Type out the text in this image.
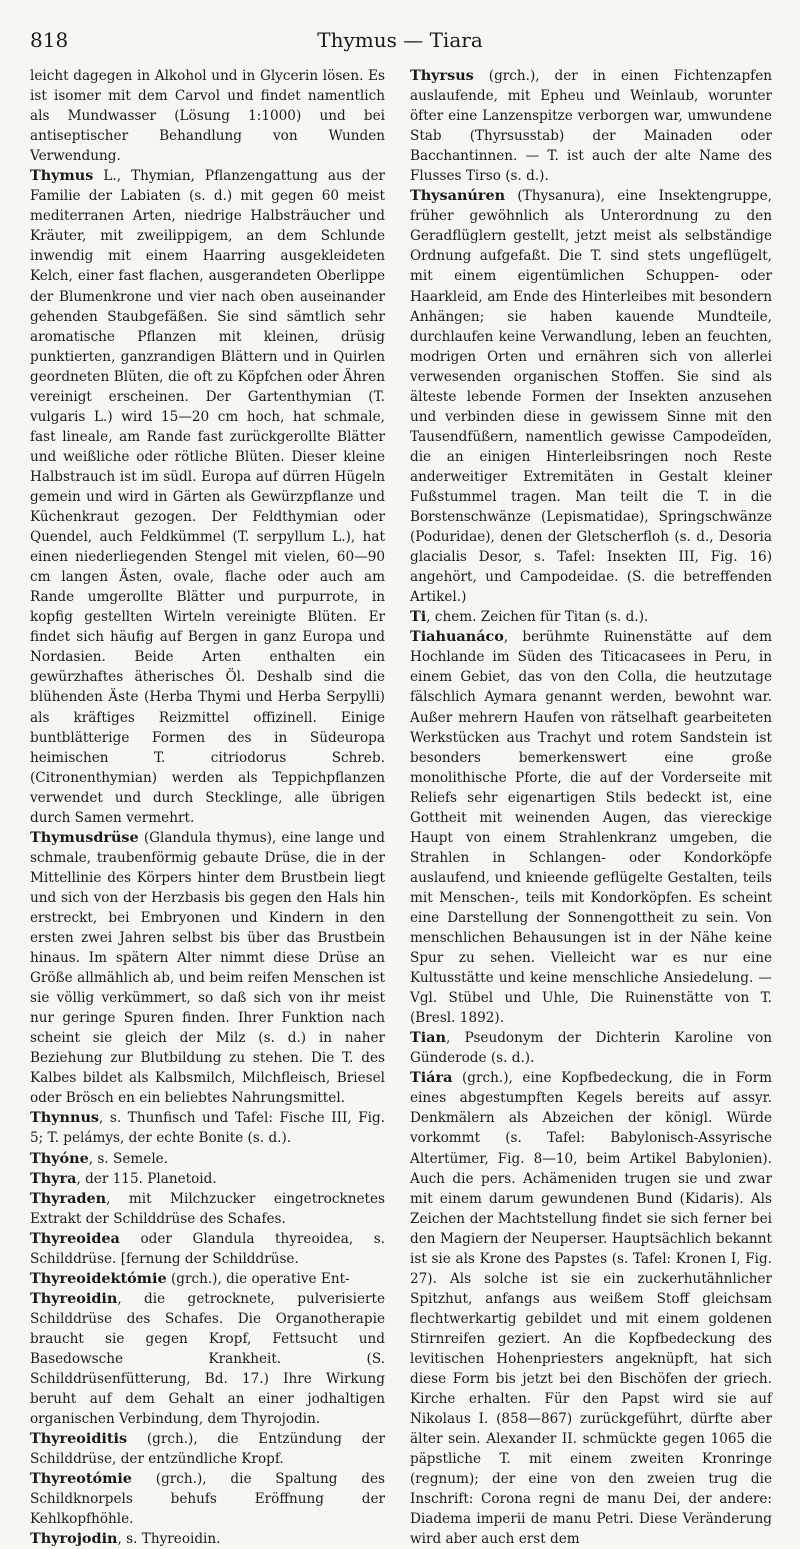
818	Thymus — Tiara

leicht dagegen in Alkohol und in Glycerin lösen. Es ist isomer mit dem Carvol und findet namentlich als Mundwasser (Lösung 1:1000) und bei antiseptischer Behandlung von Wunden Verwendung.

Thymus L., Thymian, Pflanzengattung aus der Familie der Labiaten (s. d.) mit gegen 60 meist mediterranen Arten, niedrige Halbsträucher und Kräuter, mit zweilippigem, an dem Schlunde inwendig mit einem Haarring ausgekleideten Kelch, einer fast flachen, ausgerandeten Oberlippe der Blumenkrone und vier nach oben auseinander gehenden Staubgefäßen. Sie sind sämtlich sehr aromatische Pflanzen mit kleinen, drüsig punktierten, ganzrandigen Blättern und in Quirlen geordneten Blüten, die oft zu Köpfchen oder Ähren vereinigt erscheinen. Der Gartenthymian (T. vulgaris L.) wird 15—20 cm hoch, hat schmale, fast lineale, am Rande fast zurückgerollte Blätter und weißliche oder rötliche Blüten. Dieser kleine Halbstrauch ist im südl. Europa auf dürren Hügeln gemein und wird in Gärten als Gewürzpflanze und Küchenkraut gezogen. Der Feldthymian oder Quendel, auch Feldkümmel (T. serpyllum L.), hat einen niederliegenden Stengel mit vielen, 60—90 cm langen Ästen, ovale, flache oder auch am Rande umgerollte Blätter und purpurrote, in kopfig gestellten Wirteln vereinigte Blüten. Er findet sich häufig auf Bergen in ganz Europa und Nordasien. Beide Arten enthalten ein gewürzhaftes ätherisches Öl. Deshalb sind die blühenden Äste (Herba Thymi und Herba Serpylli) als kräftiges Reizmittel offizinell. Einige buntblätterige Formen des in Südeuropa heimischen T. citriodorus Schreb. (Citronenthymian) werden als Teppichpflanzen verwendet und durch Stecklinge, alle übrigen durch Samen vermehrt.

Thymusdrüse (Glandula thymus), eine lange und schmale, traubenförmig gebaute Drüse, die in der Mittellinie des Körpers hinter dem Brustbein liegt und sich von der Herzbasis bis gegen den Hals hin erstreckt, bei Embryonen und Kindern in den ersten zwei Jahren selbst bis über das Brustbein hinaus. Im spätern Alter nimmt diese Drüse an Größe allmählich ab, und beim reifen Menschen ist sie völlig verkümmert, so daß sich von ihr meist nur geringe Spuren finden. Ihrer Funktion nach scheint sie gleich der Milz (s. d.) in naher Beziehung zur Blutbildung zu stehen. Die T. des Kalbes bildet als Kalbsmilch, Milchfleisch, Briesel oder Brösch en ein beliebtes Nahrungsmittel.

Thynnus, s. Thunfisch und Tafel: Fische III, Fig. 5; T. pelámys, der echte Bonite (s. d.).

Thyóne, s. Semele.

Thyra, der 115. Planetoid.

Thyraden, mit Milchzucker eingetrocknetes Extrakt der Schilddrüse des Schafes.

Thyreoidea oder Glandula thyreoidea, s. Schilddrüse. [fernung der Schilddrüse.

Thyreoidektómie (grch.), die operative Ent-

Thyreoidin, die getrocknete, pulverisierte Schilddrüse des Schafes. Die Organotherapie braucht sie gegen Kropf, Fettsucht und Basedowsche Krankheit. (S. Schilddrüsenfütterung, Bd. 17.) Ihre Wirkung beruht auf dem Gehalt an einer jodhaltigen organischen Verbindung, dem Thyrojodin.

Thyreoiditis (grch.), die Entzündung der Schilddrüse, der entzündliche Kropf.

Thyreotómie (grch.), die Spaltung des Schildknorpels behufs Eröffnung der Kehlkopfhöhle.

Thyrojodin, s. Thyreoidin.

Thyrsus (grch.), der in einen Fichtenzapfen auslaufende, mit Epheu und Weinlaub, worunter öfter eine Lanzenspitze verborgen war, umwundene Stab (Thyrsusstab) der Mainaden oder Bacchantinnen. — T. ist auch der alte Name des Flusses Tirso (s. d.).

Thysanúren (Thysanura), eine Insektengruppe, früher gewöhnlich als Unterordnung zu den Geradflüglern gestellt, jetzt meist als selbständige Ordnung aufgefaßt. Die T. sind stets ungeflügelt, mit einem eigentümlichen Schuppen- oder Haarkleid, am Ende des Hinterleibes mit besondern Anhängen; sie haben kauende Mundteile, durchlaufen keine Verwandlung, leben an feuchten, modrigen Orten und ernähren sich von allerlei verwesenden organischen Stoffen. Sie sind als älteste lebende Formen der Insekten anzusehen und verbinden diese in gewissem Sinne mit den Tausendfüßern, namentlich gewisse Campodeïden, die an einigen Hinterleibsringen noch Reste anderweitiger Extremitäten in Gestalt kleiner Fußstummel tragen. Man teilt die T. in die Borstenschwänze (Lepismatidae), Springschwänze (Poduridae), denen der Gletscherfloh (s. d., Desoria glacialis Desor, s. Tafel: Insekten III, Fig. 16) angehört, und Campodeidae. (S. die betreffenden Artikel.)

Ti, chem. Zeichen für Titan (s. d.).

Tiahuanáco, berühmte Ruinenstätte auf dem Hochlande im Süden des Titicacasees in Peru, in einem Gebiet, das von den Colla, die heutzutage fälschlich Aymara genannt werden, bewohnt war. Außer mehrern Haufen von rätselhaft gearbeiteten Werkstücken aus Trachyt und rotem Sandstein ist besonders bemerkenswert eine große monolithische Pforte, die auf der Vorderseite mit Reliefs sehr eigenartigen Stils bedeckt ist, eine Gottheit mit weinenden Augen, das viereckige Haupt von einem Strahlenkranz umgeben, die Strahlen in Schlangen- oder Kondorköpfe auslaufend, und knieende geflügelte Gestalten, teils mit Menschen-, teils mit Kondorköpfen. Es scheint eine Darstellung der Sonnengottheit zu sein. Von menschlichen Behausungen ist in der Nähe keine Spur zu sehen. Vielleicht war es nur eine Kultusstätte und keine menschliche Ansiedelung. — Vgl. Stübel und Uhle, Die Ruinenstätte von T. (Bresl. 1892).

Tian, Pseudonym der Dichterin Karoline von Günderode (s. d.).

Tiára (grch.), eine Kopfbedeckung, die in Form eines abgestumpften Kegels bereits auf assyr. Denkmälern als Abzeichen der königl. Würde vorkommt (s. Tafel: Babylonisch-Assyrische Altertümer, Fig. 8—10, beim Artikel Babylonien). Auch die pers. Achämeniden trugen sie und zwar mit einem darum gewundenen Bund (Kidaris). Als Zeichen der Machtstellung findet sie sich ferner bei den Magiern der Neuperser. Hauptsächlich bekannt ist sie als Krone des Papstes (s. Tafel: Kronen I, Fig. 27). Als solche ist sie ein zuckerhutähnlicher Spitzhut, anfangs aus weißem Stoff gleichsam flechtwerkartig gebildet und mit einem goldenen Stirnreifen geziert. An die Kopfbedeckung des levitischen Hohenpriesters angeknüpft, hat sich diese Form bis jetzt bei den Bischöfen der griech. Kirche erhalten. Für den Papst wird sie auf Nikolaus I. (858—867) zurückgeführt, dürfte aber älter sein. Alexander II. schmückte gegen 1065 die päpstliche T. mit einem zweiten Kronringe (regnum); der eine von den zweien trug die Inschrift: Corona regni de manu Dei, der andere: Diadema imperii de manu Petri. Diese Veränderung wird aber auch erst dem
